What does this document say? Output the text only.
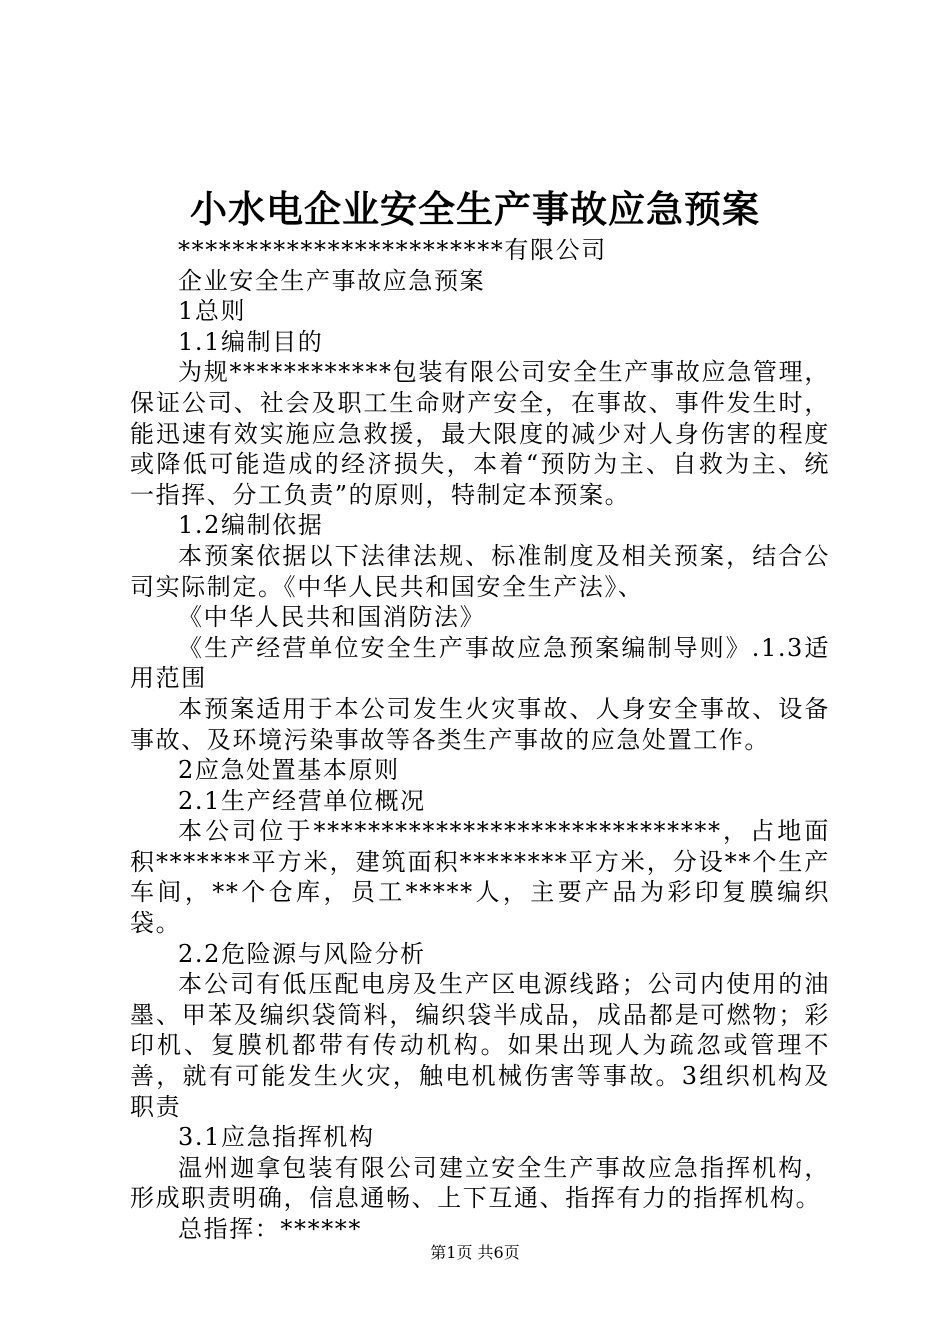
小水电企业安全生产事故应急预案

************************有限公司

企业安全生产事故应急预案

1总则

1.1编制目的

为规************包装有限公司安全生产事故应急管理，保证公司、社会及职工生命财产安全，在事故、事件发生时，能迅速有效实施应急救援，最大限度的减少对人身伤害的程度或降低可能造成的经济损失，本着“预防为主、自救为主、统一指挥、分工负责”的原则，特制定本预案。

1.2编制依据

本预案依据以下法律法规、标准制度及相关预案，结合公司实际制定。《中华人民共和国安全生产法》、

《中华人民共和国消防法》

《生产经营单位安全生产事故应急预案编制导则》.1.3适用范围

本预案适用于本公司发生火灾事故、人身安全事故、设备事故、及环境污染事故等各类生产事故的应急处置工作。

2应急处置基本原则

2.1生产经营单位概况

本公司位于******************************，占地面积*******平方米，建筑面积********平方米，分设**个生产车间，**个仓库，员工*****人，主要产品为彩印复膜编织袋。

2.2危险源与风险分析

本公司有低压配电房及生产区电源线路；公司内使用的油墨、甲苯及编织袋筒料，编织袋半成品，成品都是可燃物；彩印机、复膜机都带有传动机构。如果出现人为疏忽或管理不善，就有可能发生火灾，触电机械伤害等事故。3组织机构及职责

3.1应急指挥机构

温州迦拿包装有限公司建立安全生产事故应急指挥机构，形成职责明确，信息通畅、上下互通、指挥有力的指挥机构。

总指挥：******

第1页 共6页
